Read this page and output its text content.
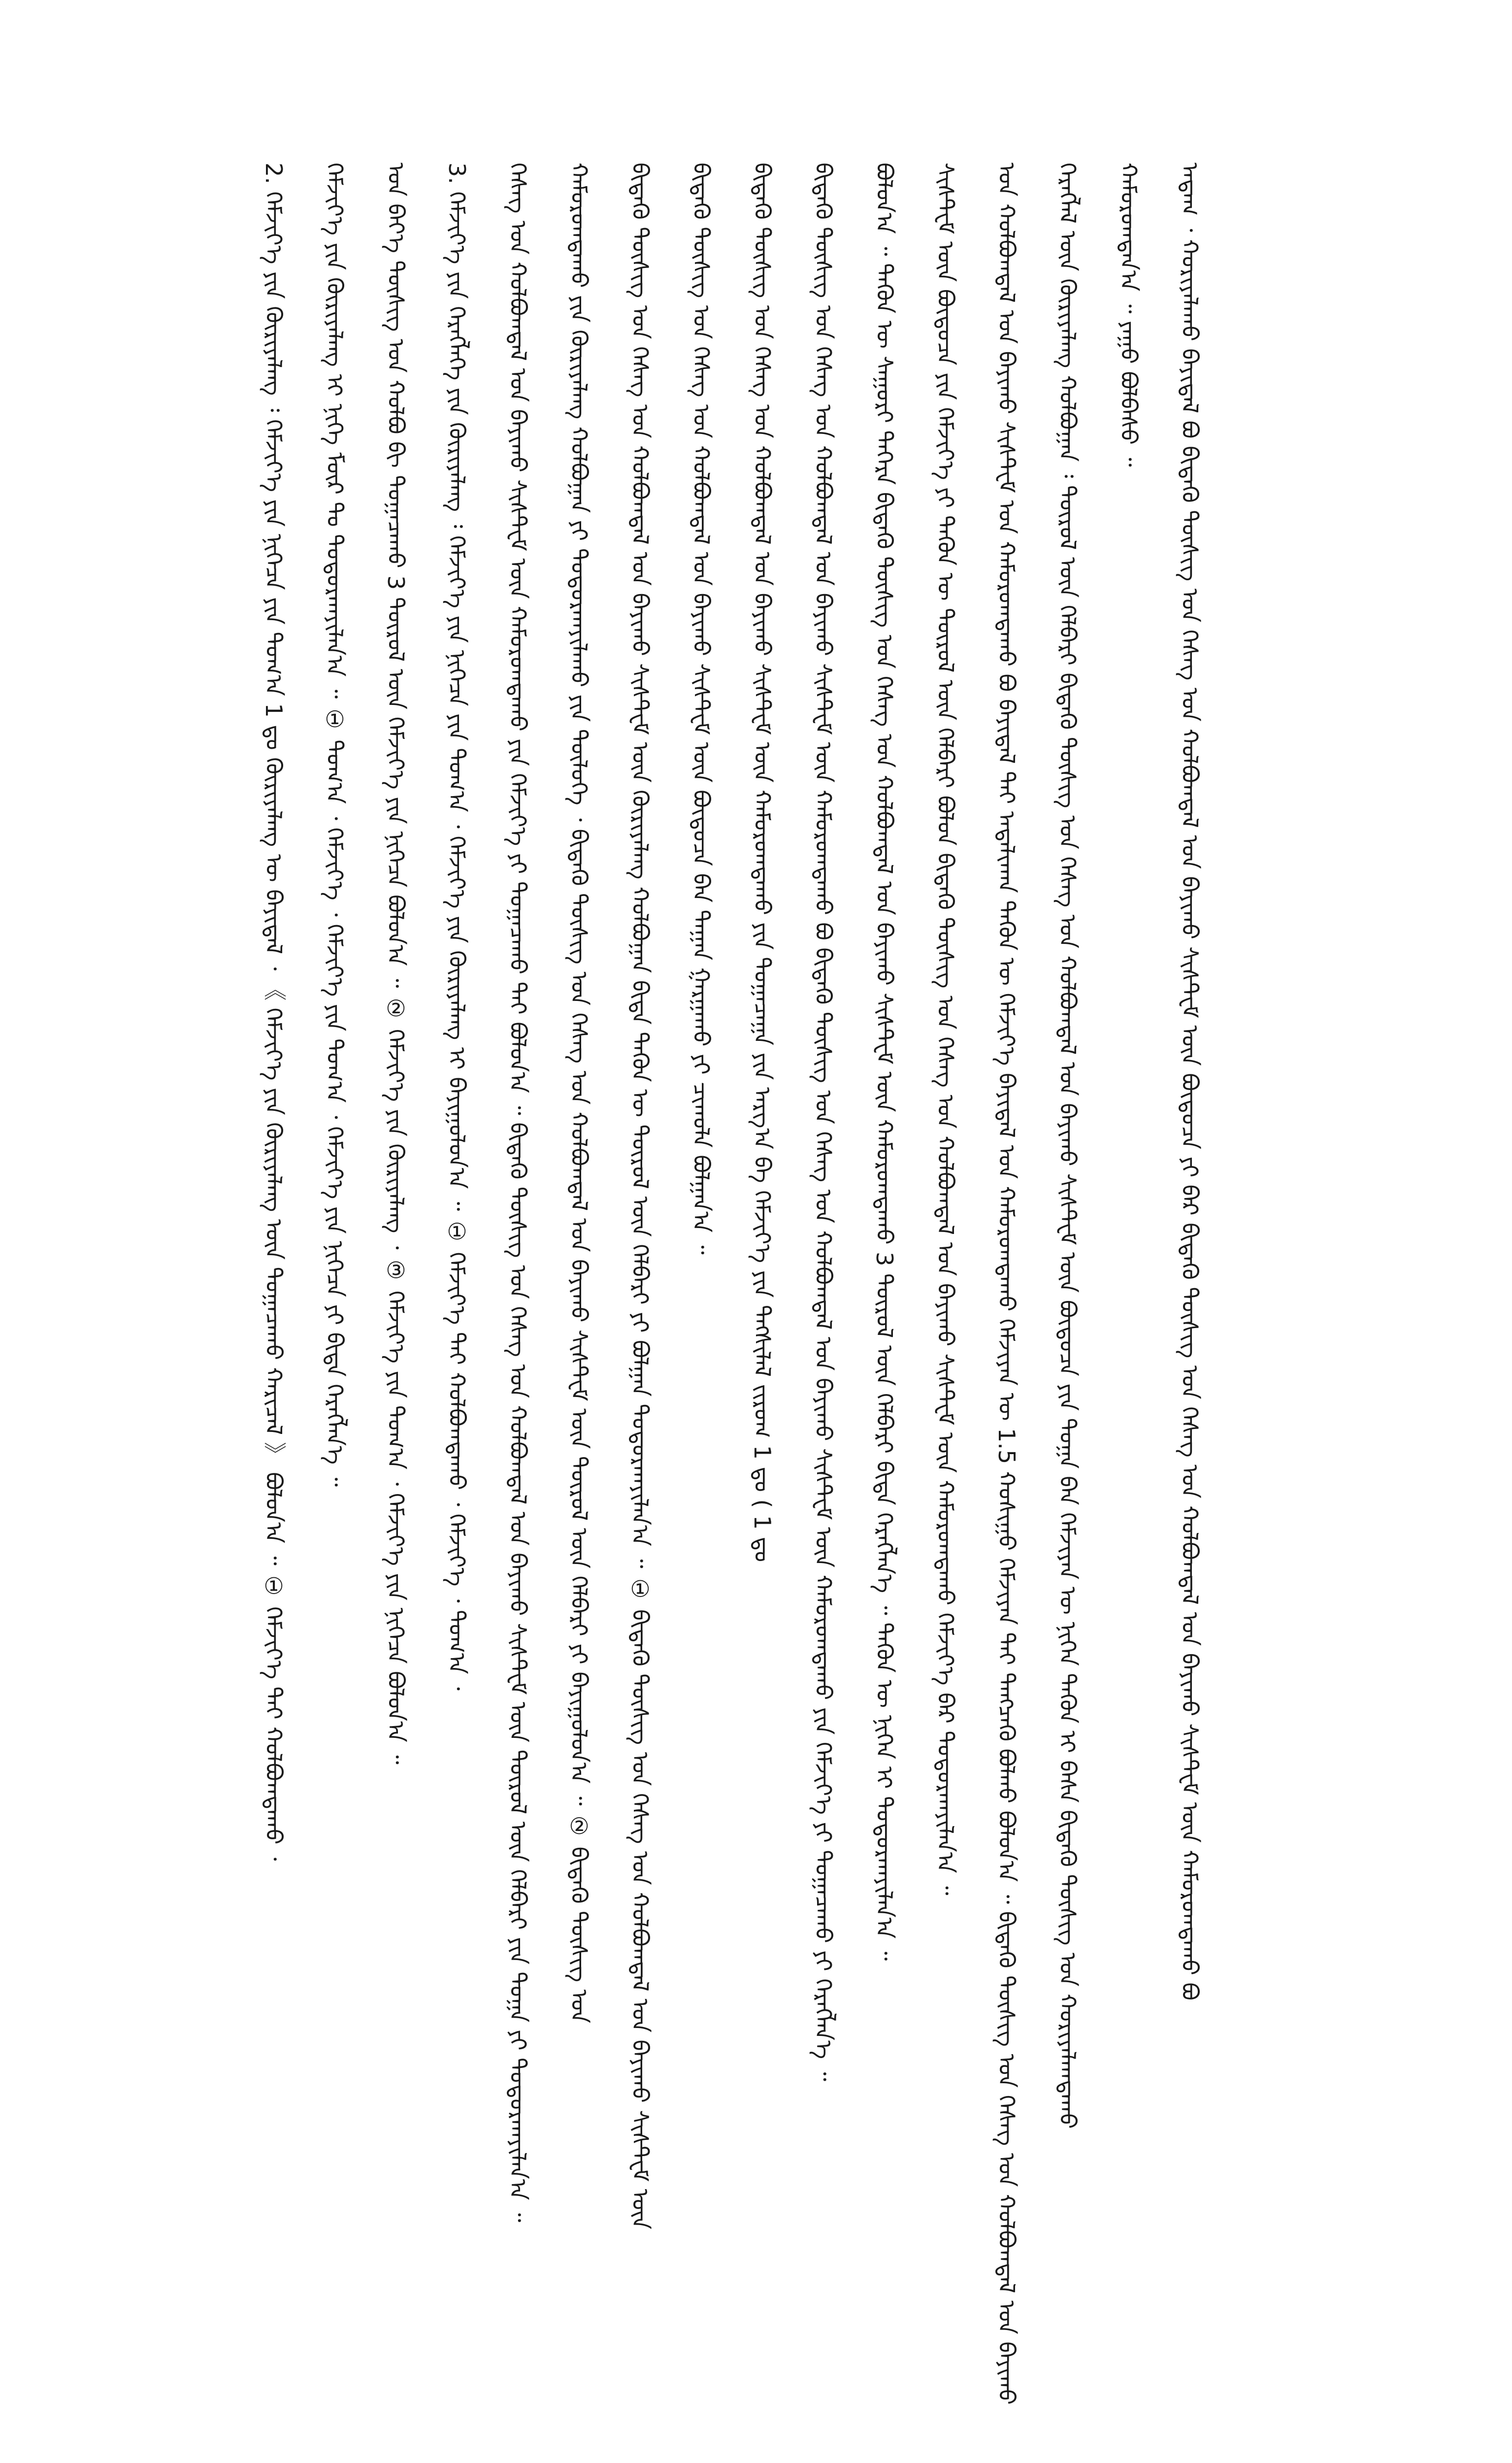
ᠠᠳᠠᠭ ᠂ ᠬᠣᠷᠢᠶᠠᠯᠠᠬᠤ ᠪᠠᠶᠢᠳᠠᠯ ᠪᠣ ᠪᠢᠲᠡᠭᠦ ᠲᠦᠰᠢᠭ ᠤᠨ ᠬᠡᠰᠡᠭ ᠤᠨ ᠬᠣᠯᠪᠣᠭᠳᠠᠯ ᠤᠨ ᠪᠠᠶᠢᠬᠤ ᠰᠢᠰᠲ᠋ᠧᠮ ᠦᠨ ᠪᠦᠲᠦᠴᠡ ᠶᠢ ᠪᠡᠷ ᠪᠢᠲᠡᠭᠦ ᠲᠦᠰᠢᠭ ᠤᠨ ᠬᠡᠰᠡᠭ ᠤᠨ ᠬᠣᠯᠪᠣᠭᠳᠠᠯ ᠤᠨ ᠪᠠᠶᠢᠬᠤ ᠰᠢᠰᠲ᠋ᠧᠮ ᠦᠨ ᠬᠠᠮᠤᠷᠤᠭᠳᠠᠬᠤ ᠪᠣ
ᠬᠠᠮᠤᠷᠤᠭᠳᠠᠨ᠎ᠠ ᠃ ᠶᠠᠭᠤ ᠪᠣᠯᠪᠠᠰᠤ ᠃
ᠬᠡᠷᠡᠭᠯᠡᠯ ᠦᠨ ᠬᠦᠷᠢᠶᠡᠯᠡᠩ ᠬᠣᠯᠪᠣᠭᠠᠨ ᠄ ᠲᠦᠷᠦᠯ ᠦᠨ ᠬᠡᠯᠪᠡᠷᠢ ᠪᠢᠲᠡᠭᠦ ᠲᠦᠰᠢᠭ ᠤᠨ ᠬᠡᠰᠡᠭ ᠤᠨ ᠬᠣᠯᠪᠣᠭᠳᠠᠯ ᠤᠨ ᠪᠠᠶᠢᠬᠤ ᠰᠢᠰᠲ᠋ᠧᠮ ᠦᠨ ᠪᠦᠲᠦᠴᠡ ᠶᠢᠨ ᠲᠣᠭᠠ ᠪᠠᠨ ᠬᠡᠮᠵᠢᠶᠡᠨ ᠦ ᠨᠢᠭᠡᠨ ᠲᠡᠭᠦᠨ ᠢ ᠪᠠᠰᠠ ᠪᠢᠲᠡᠭᠦ ᠲᠦᠰᠢᠭ ᠤᠨ ᠬᠣᠷᠢᠶᠠᠯᠠᠭᠳᠠᠬᠤ
ᠤᠨ ᠬᠣᠯᠪᠣᠭᠳᠠᠯ ᠤᠨ ᠪᠠᠶᠢᠬᠤ ᠰᠢᠰᠲ᠋ᠧᠮ ᠤᠨ ᠬᠠᠮᠤᠷᠤᠭᠳᠠᠬᠤ ᠪᠣ ᠪᠠᠶᠢᠳᠠᠯ ᠲᠠᠢ ᠠᠳᠠᠯᠢᠬᠠᠨ ᠲᠡᠭᠦᠨ ᠦ ᠬᠡᠮᠵᠢᠶ᠎ᠡ ᠪᠠᠶᠢᠳᠠᠯ ᠤᠨ ᠬᠠᠮᠤᠷᠤᠭᠳᠠᠬᠤ ᠬᠡᠮᠵᠢᠶᠡᠨ ᠦ 1.5 ᠬᠣᠰᠢᠭᠤ ᠬᠡᠮᠵᠢᠶᠡᠨ ᠲᠠᠢ ᠲᠡᠩᠴᠡᠬᠦ ᠪᠣᠯᠬᠤ ᠪᠣᠯᠤᠨ᠎ᠠ ᠃ ᠪᠢᠲᠡᠭᠦ ᠲᠦᠰᠢᠭ ᠤᠨ ᠬᠡᠰᠡᠭ ᠤᠨ ᠬᠣᠯᠪᠣᠭᠳᠠᠯ ᠤᠨ ᠪᠠᠶᠢᠬᠤ
ᠰᠢᠰᠲ᠋ᠧᠮ ᠦᠨ ᠪᠦᠲᠦᠴᠡ ᠶᠢᠨ ᠬᠡᠮᠵᠢᠶ᠎ᠡ ᠶᠢ ᠲᠡᠭᠦᠨ ᠦ ᠲᠥᠷᠥᠯ ᠦᠨ ᠬᠡᠯᠪᠡᠷᠢ ᠪᠣᠯᠤᠨ ᠪᠢᠲᠡᠭᠦ ᠲᠦᠰᠢᠭ ᠤᠨ ᠬᠡᠰᠡᠭ ᠤᠨ ᠬᠣᠯᠪᠣᠭᠳᠠᠯ ᠤᠨ ᠪᠠᠶᠢᠬᠤ ᠰᠢᠰᠲ᠋ᠧᠮ ᠦᠨ ᠬᠠᠮᠤᠷᠤᠭᠳᠠᠬᠤ ᠬᠡᠮᠵᠢᠶ᠎ᠡ ᠪᠡᠷ ᠲᠣᠳᠣᠷᠬᠠᠶᠢᠯᠠᠨ᠎ᠠ ᠃
ᠪᠣᠯᠤᠨ᠎ᠠ ᠃ ᠲᠡᠭᠦᠨ ᠦ ᠰᠠᠭᠤᠷᠢ ᠳᠡᠭᠡᠷᠡ ᠪᠢᠲᠡᠭᠦ ᠲᠦᠰᠢᠭ ᠤᠨ ᠬᠡᠰᠡᠭ ᠤᠨ ᠬᠣᠯᠪᠣᠭᠳᠠᠯ ᠤᠨ ᠪᠠᠶᠢᠬᠤ ᠰᠢᠰᠲ᠋ᠧᠮ ᠦᠨ ᠬᠠᠮᠤᠷᠤᠭᠳᠠᠬᠤ 3 ᠲᠥᠷᠥᠯ ᠦᠨ ᠬᠡᠯᠪᠡᠷᠢ ᠪᠢᠳᠡ ᠬᠡᠷᠡᠭᠯᠡᠨ᠎ᠡ ᠃ ᠲᠡᠭᠦᠨ ᠦ ᠨᠢᠭᠡᠨ ᠢ ᠲᠣᠳᠣᠷᠬᠠᠶᠢᠯᠠᠨ᠎ᠠ ᠃
ᠪᠢᠲᠡᠭᠦ ᠲᠦᠰᠢᠭ ᠤᠨ ᠬᠡᠰᠡᠭ ᠤᠨ ᠬᠣᠯᠪᠣᠭᠳᠠᠯ ᠤᠨ ᠪᠠᠶᠢᠬᠤ ᠰᠢᠰᠲ᠋ᠧᠮ ᠦᠨ ᠬᠠᠮᠤᠷᠤᠭᠳᠠᠬᠤ ᠪᠣ ᠪᠢᠲᠡᠭᠦ ᠲᠦᠰᠢᠭ ᠤᠨ ᠬᠡᠰᠡᠭ ᠤᠨ ᠬᠣᠯᠪᠣᠭᠳᠠᠯ ᠤᠨ ᠪᠠᠶᠢᠬᠤ ᠰᠢᠰᠲ᠋ᠧᠮ ᠦᠨ ᠬᠠᠮᠤᠷᠤᠭᠳᠠᠬᠤ ᠶᠢᠨ ᠬᠡᠮᠵᠢᠶ᠎ᠡ ᠶᠢ ᠲᠣᠭᠠᠴᠠᠬᠤ ᠶᠢ ᠬᠡᠷᠡᠭᠯᠡᠨ᠎ᠡ ᠃
ᠪᠢᠲᠡᠭᠦ ᠲᠦᠰᠢᠭ ᠤᠨ ᠬᠡᠰᠡᠭ ᠤᠨ ᠬᠣᠯᠪᠣᠭᠳᠠᠯ ᠤᠨ ᠪᠠᠶᠢᠬᠤ ᠰᠢᠰᠲ᠋ᠧᠮ ᠦᠨ ᠬᠠᠮᠤᠷᠤᠭᠳᠠᠬᠤ ᠶᠢᠨ ᠲᠣᠭᠠᠴᠠᠭᠠ ᠶᠢᠨ ᠠᠷᠭ᠎ᠠ ᠪᠠ ᠬᠡᠮᠵᠢᠶ᠎ᠡ ᠶᠢᠨ ᠲᠡᠭᠰᠢᠯᠡᠯ ᠵᠢᠷᠤᠭ 1 ᠳᠤ ( 1 ᠳᠤ
ᠪᠢᠲᠡᠭᠦ ᠲᠦᠰᠢᠭ ᠤᠨ ᠬᠡᠰᠡᠭ ᠤᠨ ᠬᠣᠯᠪᠣᠭᠳᠠᠯ ᠤᠨ ᠪᠠᠶᠢᠬᠤ ᠰᠢᠰᠲ᠋ᠧᠮ ᠦᠨ ᠪᠦᠲᠦᠴᠡ ᠪᠠᠨ ᠲᠠᠭᠠᠨ ᠭᠠᠷᠭᠠᠬᠤ ᠶᠢ ᠴᠢᠬᠤᠯᠠ ᠪᠣᠯᠭᠠᠨ᠎ᠠ ᠃
ᠪᠢᠲᠡᠭᠦ ᠲᠦᠰᠢᠭ ᠤᠨ ᠬᠡᠰᠡᠭ ᠤᠨ ᠬᠣᠯᠪᠣᠭᠳᠠᠯ ᠤᠨ ᠪᠠᠶᠢᠬᠤ ᠰᠢᠰᠲ᠋ᠧᠮ ᠦᠨ ᠬᠦᠷᠢᠶᠡᠯᠡᠩ ᠬᠣᠯᠪᠣᠭᠠᠨ ᠪᠢᠳᠡ ᠲᠡᠭᠦᠨ ᠦ ᠲᠦᠷᠦᠯ ᠦᠨ ᠬᠡᠯᠪᠡᠷᠢ ᠶᠢ ᠪᠣᠯᠭᠠᠨ ᠲᠣᠳᠣᠷᠬᠠᠶᠢᠯᠠᠨ᠎ᠠ ᠃ ① ᠪᠢᠲᠡᠭᠦ ᠲᠦᠰᠢᠭ ᠤᠨ ᠬᠡᠰᠡᠭ ᠤᠨ ᠬᠣᠯᠪᠣᠭᠳᠠᠯ ᠤᠨ ᠪᠠᠶᠢᠬᠤ ᠰᠢᠰᠲ᠋ᠧᠮ ᠦᠨ
ᠬᠠᠮᠤᠷᠤᠭᠳᠠᠬᠤ ᠶᠢᠨ ᠬᠦᠷᠢᠶᠡᠯᠡᠩ ᠬᠣᠯᠪᠣᠭᠠᠨ ᠶᠢ ᠲᠣᠳᠣᠷᠬᠠᠶᠢᠯᠠᠬᠤ ᠶᠢᠨ ᠲᠥᠯᠥᠭᠡ ᠂ ᠪᠢᠲᠡᠭᠦ ᠲᠦᠰᠢᠭ ᠤᠨ ᠬᠡᠰᠡᠭ ᠤᠨ ᠬᠣᠯᠪᠣᠭᠳᠠᠯ ᠤᠨ ᠪᠠᠶᠢᠬᠤ ᠰᠢᠰᠲ᠋ᠧᠮ ᠦᠨ ᠲᠦᠷᠦᠯ ᠦᠨ ᠬᠡᠯᠪᠡᠷᠢ ᠶᠢ ᠪᠠᠶᠢᠭᠤᠯᠤᠨ᠎ᠠ ᠃ ② ᠪᠢᠲᠡᠭᠦ ᠲᠦᠰᠢᠭ ᠤᠨ
ᠬᠡᠰᠡᠭ ᠤᠨ ᠬᠣᠯᠪᠣᠭᠳᠠᠯ ᠤᠨ ᠪᠠᠶᠢᠬᠤ ᠰᠢᠰᠲ᠋ᠧᠮ ᠦᠨ ᠬᠠᠮᠤᠷᠤᠭᠳᠠᠬᠤ ᠶᠢᠨ ᠬᠡᠮᠵᠢᠶ᠎ᠡ ᠶᠢ ᠲᠣᠭᠠᠴᠠᠬᠤ ᠲᠠᠢ ᠪᠣᠯᠤᠨ᠎ᠠ ᠃ ᠪᠢᠲᠡᠭᠦ ᠲᠦᠰᠢᠭ ᠤᠨ ᠬᠡᠰᠡᠭ ᠤᠨ ᠬᠣᠯᠪᠣᠭᠳᠠᠯ ᠤᠨ ᠪᠠᠶᠢᠬᠤ ᠰᠢᠰᠲ᠋ᠧᠮ ᠦᠨ ᠲᠦᠷᠦᠯ ᠦᠨ ᠬᠡᠯᠪᠡᠷᠢ ᠶᠢᠨ ᠲᠣᠭᠠ ᠶᠢ ᠲᠣᠳᠣᠷᠬᠠᠶᠢᠯᠠᠨ᠎ᠠ ᠃
3. ᠬᠡᠮᠵᠢᠶ᠎ᠡ ᠶᠢᠨ ᠬᠡᠷᠡᠭᠯᠡᠭᠡ ᠶᠢᠨ ᠬᠦᠷᠢᠶᠡᠯᠡᠩ ᠄ ᠬᠡᠮᠵᠢᠶ᠎ᠡ ᠶᠢᠨ ᠨᠢᠭᠡᠴᠡ ᠶᠢᠨ ᠲᠣᠭ᠎ᠠ ᠂ ᠬᠡᠮᠵᠢᠶ᠎ᠡ ᠶᠢᠨ ᠬᠦᠷᠢᠶᠡᠯᠡᠩ ᠢ ᠪᠠᠶᠢᠭᠤᠯᠤᠨ᠎ᠠ ᠃ ① ᠬᠡᠮᠵᠢᠶ᠎ᠡ ᠲᠠᠢ ᠬᠣᠯᠪᠣᠭᠳᠠᠬᠤ ᠂ ᠬᠡᠮᠵᠢᠶ᠎ᠡ ᠂ ᠲᠣᠭ᠎ᠠ ᠂
ᠤᠨ ᠪᠡᠶ᠎ᠡ ᠲᠦᠰᠢᠭ ᠤᠨ ᠬᠣᠯᠪᠣ ᠪᠢ ᠲᠣᠭᠠᠴᠠᠬᠤ 3 ᠲᠥᠷᠥᠯ ᠦᠨ ᠬᠡᠮᠵᠢᠶ᠎ᠡ ᠶᠢᠨ ᠨᠢᠭᠡᠴᠡ ᠪᠣᠯᠤᠨ᠎ᠠ ᠃ ② ᠬᠡᠮᠵᠢᠶ᠎ᠡ ᠶᠢᠨ ᠬᠦᠷᠢᠶᠡᠯᠡᠩ ᠂ ③ ᠬᠡᠮᠵᠢᠶ᠎ᠡ ᠶᠢᠨ ᠲᠣᠭ᠎ᠠ ᠂ ᠬᠡᠮᠵᠢᠶ᠎ᠡ ᠶᠢᠨ ᠨᠢᠭᠡᠴᠡ ᠪᠣᠯᠤᠨ᠎ᠠ ᠃
ᠬᠡᠮᠵᠢᠶ᠎ᠡ ᠶᠢᠨ ᠬᠦᠷᠢᠶᠡᠯᠡᠩ ᠢ ᠨᠢᠭᠡ ᠮᠥᠷ ᠲᠤ ᠲᠣᠳᠣᠷᠬᠠᠶᠢᠯᠠᠨ᠎ᠠ ᠃ ① ᠲᠣᠭ᠎ᠠ ᠂ ᠬᠡᠮᠵᠢᠶ᠎ᠡ ᠂ ᠬᠡᠮᠵᠢᠶ᠎ᠡ ᠶᠢᠨ ᠲᠣᠭ᠎ᠠ ᠂ ᠬᠡᠮᠵᠢᠶ᠎ᠡ ᠶᠢᠨ ᠨᠢᠭᠡᠴᠡ ᠶᠢ ᠪᠢᠳᠡ ᠬᠡᠷᠡᠭᠯᠡᠨ᠎ᠡ ᠃
2. ᠬᠡᠮᠵᠢᠶ᠎ᠡ ᠶᠢᠨ ᠬᠦᠷᠢᠶᠡᠯᠡᠩ ᠄ ᠬᠡᠮᠵᠢᠶ᠎ᠡ ᠶᠢᠨ ᠨᠢᠭᠡᠴᠡ ᠶᠢᠨ ᠲᠣᠭ᠎ᠠ 1 ᠳᠤ ᠬᠦᠷᠢᠶᠡᠯᠡᠩ ᠦ ᠪᠠᠶᠢᠳᠠᠯ ᠂ 《 ᠬᠡᠮᠵᠢᠶ᠎ᠡ ᠶᠢᠨ ᠬᠦᠷᠢᠶᠡᠯᠡᠩ ᠦᠨ ᠲᠣᠭᠠᠴᠠᠬᠤ ᠬᠠᠷᠢᠴᠠᠯ 》 ᠪᠣᠯᠤᠨ᠎ᠠ ᠃ ① ᠬᠡᠮᠵᠢᠶ᠎ᠡ ᠲᠠᠢ ᠬᠣᠯᠪᠣᠭᠳᠠᠬᠤ ᠂
